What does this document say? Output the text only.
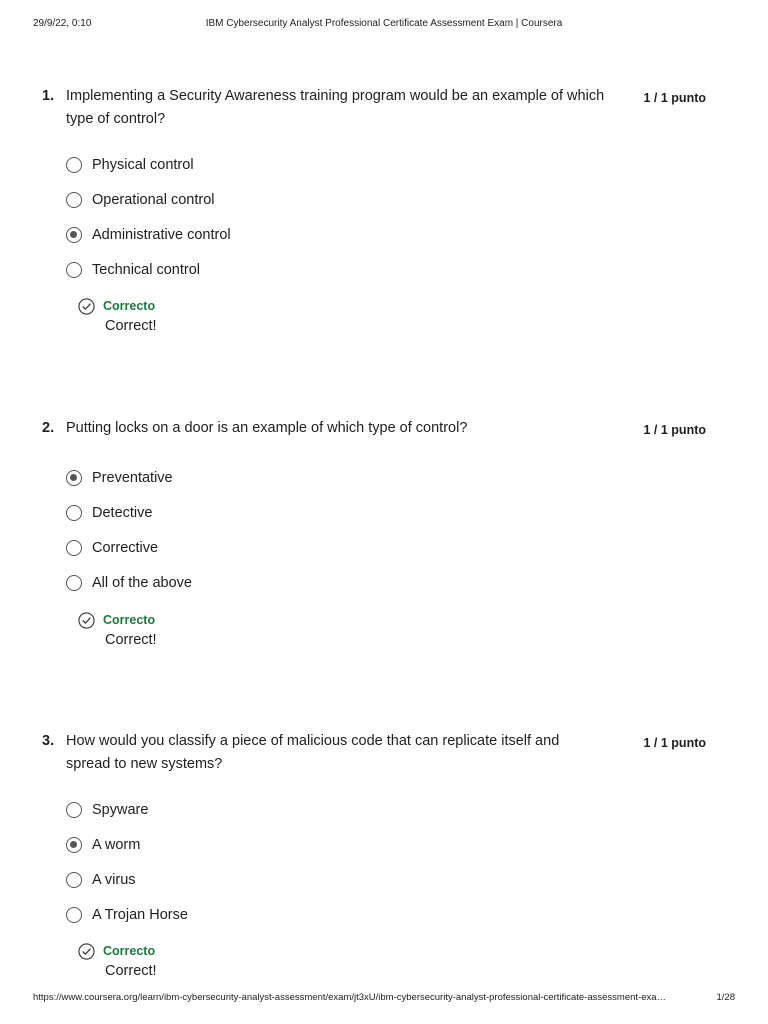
29/9/22, 0:10	IBM Cybersecurity Analyst Professional Certificate Assessment Exam | Coursera
1. Implementing a Security Awareness training program would be an example of which type of control?
1 / 1 punto
Physical control
Operational control
Administrative control
Technical control
Correcto
Correct!
2. Putting locks on a door is an example of which type of control?	1 / 1 punto
Preventative
Detective
Corrective
All of the above
Correcto
Correct!
3. How would you classify a piece of malicious code that can replicate itself and spread to new systems?
1 / 1 punto
Spyware
A worm
A virus
A Trojan Horse
Correcto
Correct!
https://www.coursera.org/learn/ibm-cybersecurity-analyst-assessment/exam/jt3xU/ibm-cybersecurity-analyst-professional-certificate-assessment-exa…	1/28
